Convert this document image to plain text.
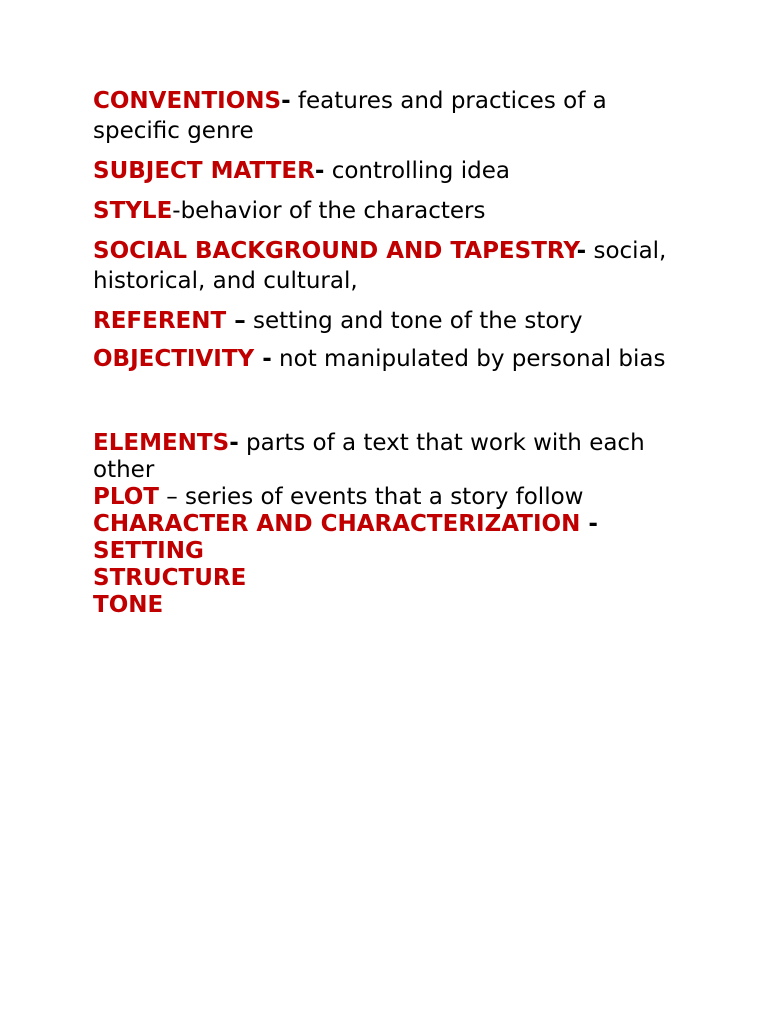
CONVENTIONS- features and practices of a specific genre

SUBJECT MATTER- controlling idea

STYLE-behavior of the characters

SOCIAL BACKGROUND AND TAPESTRY- social, historical, and cultural,

REFERENT – setting and tone of the story

OBJECTIVITY - not manipulated by personal bias

ELEMENTS- parts of a text that work with each other

PLOT – series of events that a story follow

CHARACTER AND CHARACTERIZATION -

SETTING

STRUCTURE

TONE
